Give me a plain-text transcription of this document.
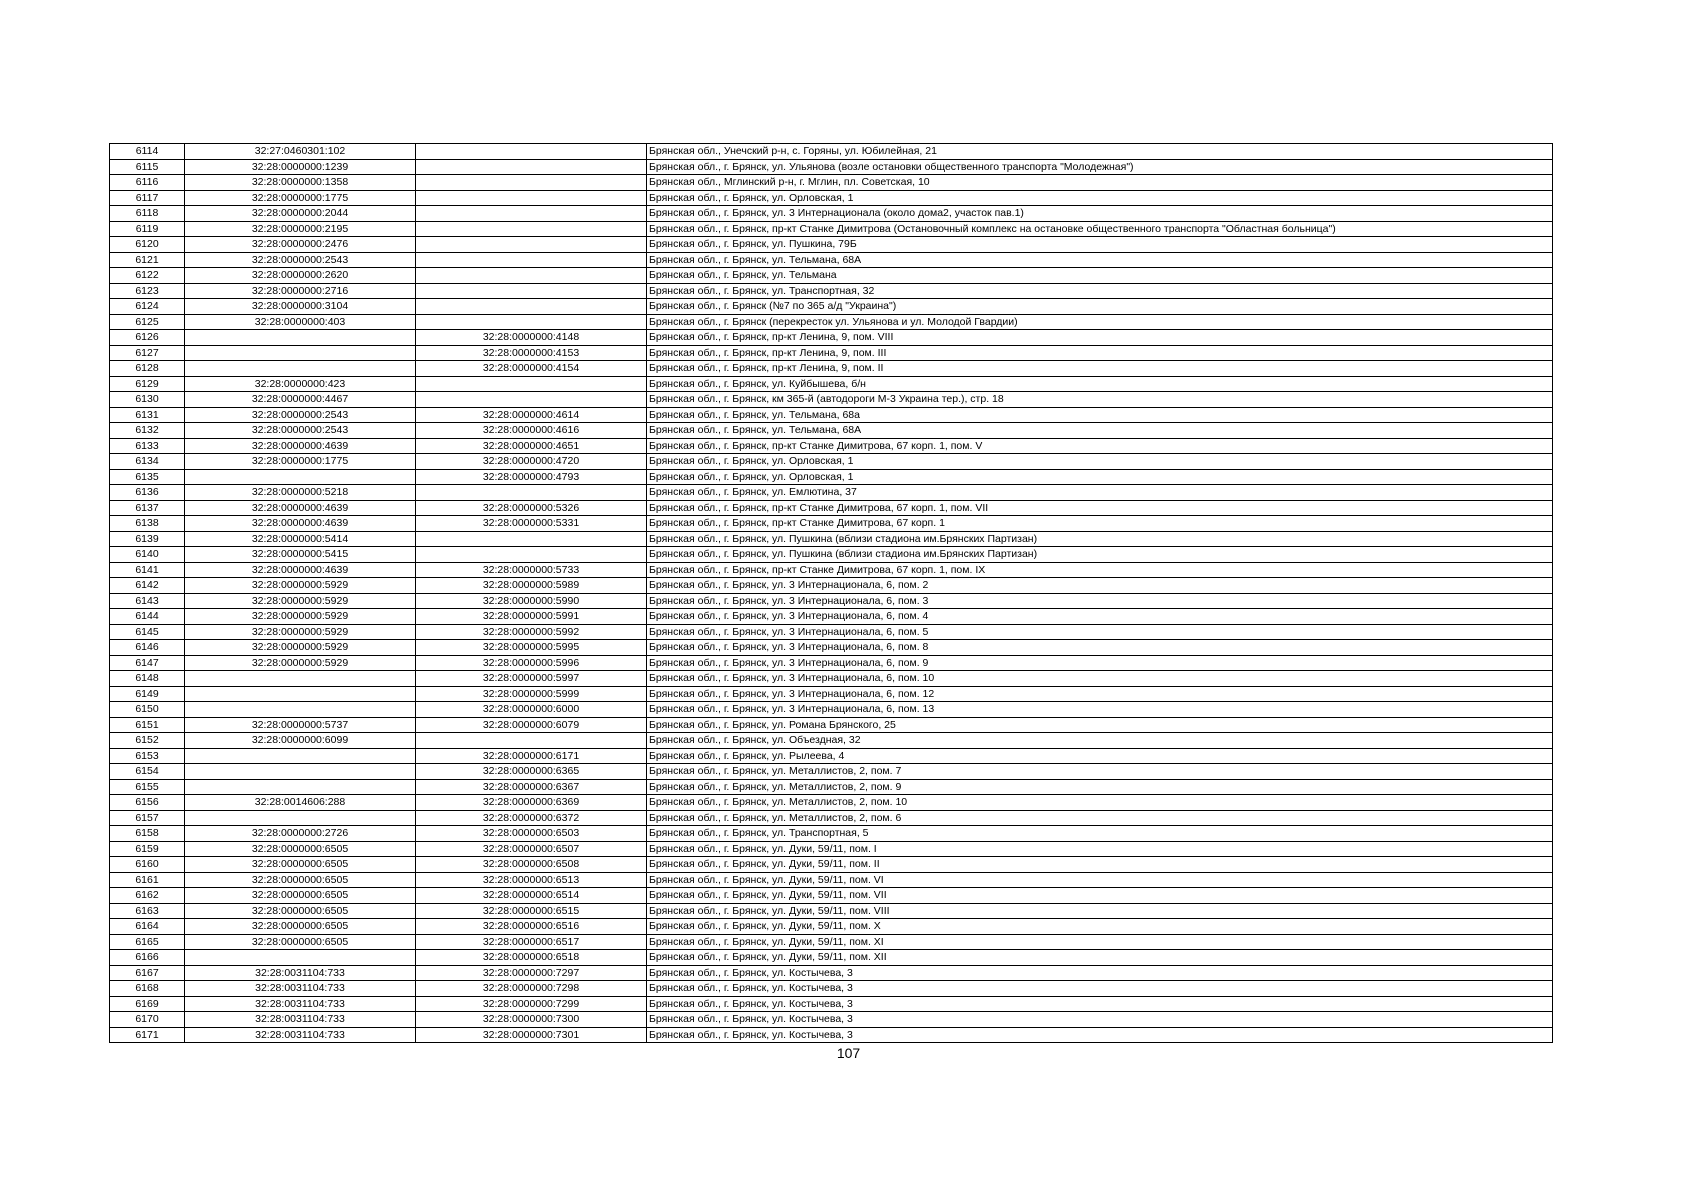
6114	32:27:0460301:102		Брянская обл., Унечский р-н, с. Горяны, ул. Юбилейная, 21
6115	32:28:0000000:1239		Брянская обл., г. Брянск, ул. Ульянова (возле остановки общественного транспорта "Молодежная")
6116	32:28:0000000:1358		Брянская обл., Мглинский р-н, г. Мглин, пл. Советская, 10
6117	32:28:0000000:1775		Брянская обл., г. Брянск, ул. Орловская, 1
6118	32:28:0000000:2044		Брянская обл., г. Брянск, ул. 3 Интернационала (около дома2, участок пав.1)
6119	32:28:0000000:2195		Брянская обл., г. Брянск, пр-кт Станке Димитрова (Остановочный комплекс на остановке общественного транспорта "Областная больница")
6120	32:28:0000000:2476		Брянская обл., г. Брянск, ул. Пушкина, 79Б
6121	32:28:0000000:2543		Брянская обл., г. Брянск, ул. Тельмана, 68А
6122	32:28:0000000:2620		Брянская обл., г. Брянск, ул. Тельмана
6123	32:28:0000000:2716		Брянская обл., г. Брянск, ул. Транспортная, 32
6124	32:28:0000000:3104		Брянская обл., г. Брянск (№7 по 365 а/д "Украина")
6125	32:28:0000000:403		Брянская обл., г. Брянск (перекресток ул. Ульянова и ул. Молодой Гвардии)
6126		32:28:0000000:4148	Брянская обл., г. Брянск, пр-кт Ленина, 9, пом. VIII
6127		32:28:0000000:4153	Брянская обл., г. Брянск, пр-кт Ленина, 9, пом. III
6128		32:28:0000000:4154	Брянская обл., г. Брянск, пр-кт Ленина, 9, пом. II
6129	32:28:0000000:423		Брянская обл., г. Брянск, ул. Куйбышева, б/н
6130	32:28:0000000:4467		Брянская обл., г. Брянск, км 365-й (автодороги М-3 Украина тер.), стр. 18
6131	32:28:0000000:2543	32:28:0000000:4614	Брянская обл., г. Брянск, ул. Тельмана, 68а
6132	32:28:0000000:2543	32:28:0000000:4616	Брянская обл., г. Брянск, ул. Тельмана, 68А
6133	32:28:0000000:4639	32:28:0000000:4651	Брянская обл., г. Брянск, пр-кт Станке Димитрова, 67 корп. 1, пом. V
6134	32:28:0000000:1775	32:28:0000000:4720	Брянская обл., г. Брянск, ул. Орловская, 1
6135		32:28:0000000:4793	Брянская обл., г. Брянск, ул. Орловская, 1
6136	32:28:0000000:5218		Брянская обл., г. Брянск, ул. Емлютина, 37
6137	32:28:0000000:4639	32:28:0000000:5326	Брянская обл., г. Брянск, пр-кт Станке Димитрова, 67 корп. 1, пом. VII
6138	32:28:0000000:4639	32:28:0000000:5331	Брянская обл., г. Брянск, пр-кт Станке Димитрова, 67 корп. 1
6139	32:28:0000000:5414		Брянская обл., г. Брянск, ул. Пушкина (вблизи стадиона им.Брянских Партизан)
6140	32:28:0000000:5415		Брянская обл., г. Брянск, ул. Пушкина (вблизи стадиона им.Брянских Партизан)
6141	32:28:0000000:4639	32:28:0000000:5733	Брянская обл., г. Брянск, пр-кт Станке Димитрова, 67 корп. 1, пом. IX
6142	32:28:0000000:5929	32:28:0000000:5989	Брянская обл., г. Брянск, ул. 3 Интернационала, 6, пом. 2
6143	32:28:0000000:5929	32:28:0000000:5990	Брянская обл., г. Брянск, ул. 3 Интернационала, 6, пом. 3
6144	32:28:0000000:5929	32:28:0000000:5991	Брянская обл., г. Брянск, ул. 3 Интернационала, 6, пом. 4
6145	32:28:0000000:5929	32:28:0000000:5992	Брянская обл., г. Брянск, ул. 3 Интернационала, 6, пом. 5
6146	32:28:0000000:5929	32:28:0000000:5995	Брянская обл., г. Брянск, ул. 3 Интернационала, 6, пом. 8
6147	32:28:0000000:5929	32:28:0000000:5996	Брянская обл., г. Брянск, ул. 3 Интернационала, 6, пом. 9
6148		32:28:0000000:5997	Брянская обл., г. Брянск, ул. 3 Интернационала, 6, пом. 10
6149		32:28:0000000:5999	Брянская обл., г. Брянск, ул. 3 Интернационала, 6, пом. 12
6150		32:28:0000000:6000	Брянская обл., г. Брянск, ул. 3 Интернационала, 6, пом. 13
6151	32:28:0000000:5737	32:28:0000000:6079	Брянская обл., г. Брянск, ул. Романа Брянского, 25
6152	32:28:0000000:6099		Брянская обл., г. Брянск, ул. Объездная, 32
6153		32:28:0000000:6171	Брянская обл., г. Брянск, ул. Рылеева, 4
6154		32:28:0000000:6365	Брянская обл., г. Брянск, ул. Металлистов, 2, пом. 7
6155		32:28:0000000:6367	Брянская обл., г. Брянск, ул. Металлистов, 2, пом. 9
6156	32:28:0014606:288	32:28:0000000:6369	Брянская обл., г. Брянск, ул. Металлистов, 2, пом. 10
6157		32:28:0000000:6372	Брянская обл., г. Брянск, ул. Металлистов, 2, пом. 6
6158	32:28:0000000:2726	32:28:0000000:6503	Брянская обл., г. Брянск, ул. Транспортная, 5
6159	32:28:0000000:6505	32:28:0000000:6507	Брянская обл., г. Брянск, ул. Дуки, 59/11, пом. I
6160	32:28:0000000:6505	32:28:0000000:6508	Брянская обл., г. Брянск, ул. Дуки, 59/11, пом. II
6161	32:28:0000000:6505	32:28:0000000:6513	Брянская обл., г. Брянск, ул. Дуки, 59/11, пом. VI
6162	32:28:0000000:6505	32:28:0000000:6514	Брянская обл., г. Брянск, ул. Дуки, 59/11, пом. VII
6163	32:28:0000000:6505	32:28:0000000:6515	Брянская обл., г. Брянск, ул. Дуки, 59/11, пом. VIII
6164	32:28:0000000:6505	32:28:0000000:6516	Брянская обл., г. Брянск, ул. Дуки, 59/11, пом. X
6165	32:28:0000000:6505	32:28:0000000:6517	Брянская обл., г. Брянск, ул. Дуки, 59/11, пом. XI
6166		32:28:0000000:6518	Брянская обл., г. Брянск, ул. Дуки, 59/11, пом. XII
6167	32:28:0031104:733	32:28:0000000:7297	Брянская обл., г. Брянск, ул. Костычева, 3
6168	32:28:0031104:733	32:28:0000000:7298	Брянская обл., г. Брянск, ул. Костычева, 3
6169	32:28:0031104:733	32:28:0000000:7299	Брянская обл., г. Брянск, ул. Костычева, 3
6170	32:28:0031104:733	32:28:0000000:7300	Брянская обл., г. Брянск, ул. Костычева, 3
6171	32:28:0031104:733	32:28:0000000:7301	Брянская обл., г. Брянск, ул. Костычева, 3
107
